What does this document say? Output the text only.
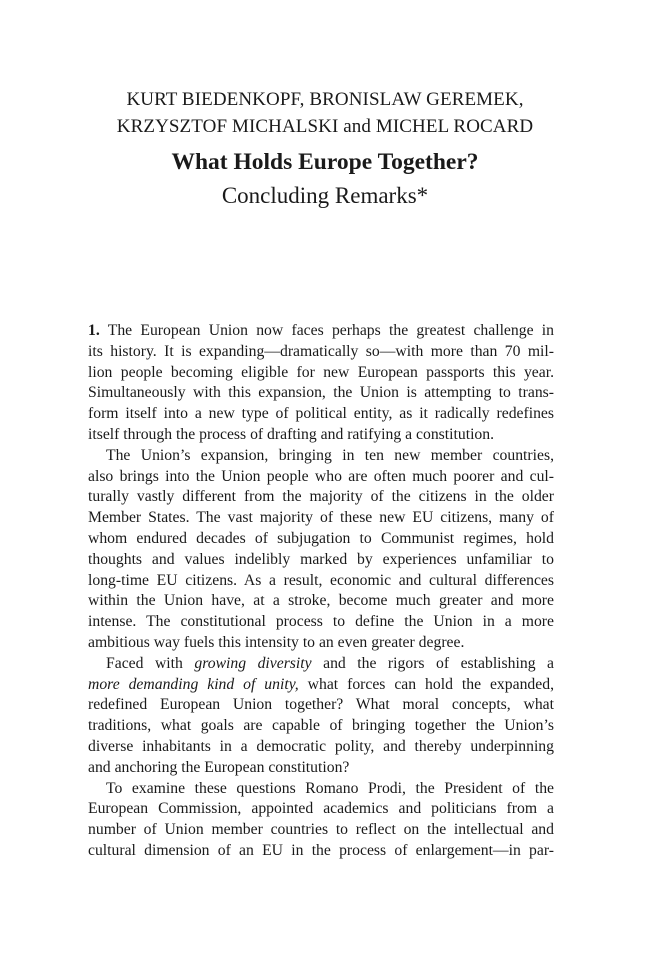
KURT BIEDENKOPF, BRONISLAW GEREMEK,
KRZYSZTOF MICHALSKI and MICHEL ROCARD
What Holds Europe Together?
Concluding Remarks*
1. The European Union now faces perhaps the greatest challenge in
its history. It is expanding—dramatically so—with more than 70 mil-
lion people becoming eligible for new European passports this year.
Simultaneously with this expansion, the Union is attempting to trans-
form itself into a new type of political entity, as it radically redefines
itself through the process of drafting and ratifying a constitution.
The Union’s expansion, bringing in ten new member countries,
also brings into the Union people who are often much poorer and cul-
turally vastly different from the majority of the citizens in the older
Member States. The vast majority of these new EU citizens, many of
whom endured decades of subjugation to Communist regimes, hold
thoughts and values indelibly marked by experiences unfamiliar to
long-time EU citizens. As a result, economic and cultural differences
within the Union have, at a stroke, become much greater and more
intense. The constitutional process to define the Union in a more
ambitious way fuels this intensity to an even greater degree.
Faced with growing diversity and the rigors of establishing a
more demanding kind of unity, what forces can hold the expanded,
redefined European Union together? What moral concepts, what
traditions, what goals are capable of bringing together the Union’s
diverse inhabitants in a democratic polity, and thereby underpinning
and anchoring the European constitution?
To examine these questions Romano Prodi, the President of the
European Commission, appointed academics and politicians from a
number of Union member countries to reflect on the intellectual and
cultural dimension of an EU in the process of enlargement—in par-
